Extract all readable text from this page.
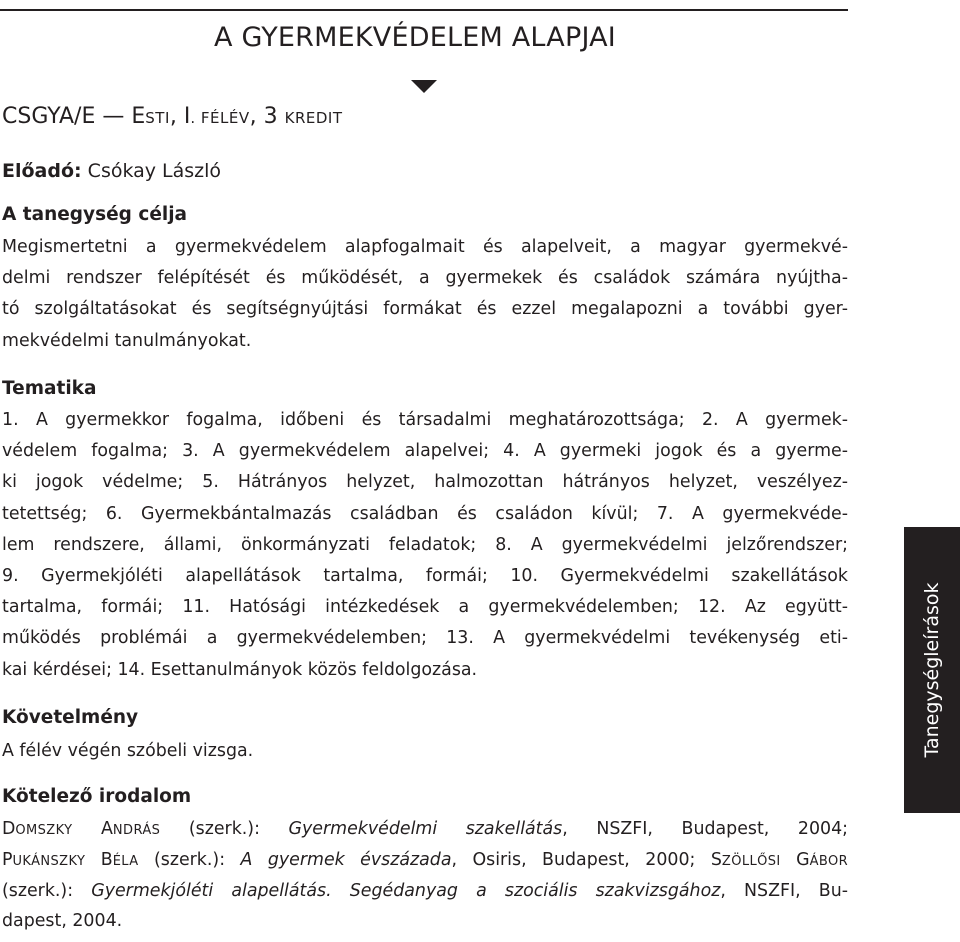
A GYERMEKVÉDELEM ALAPJAI
CSGYA/E — ESTI, I. FÉLÉV, 3 KREDIT
Előadó: Csókay László
A tanegység célja
Megismertetni a gyermekvédelem alapfogalmait és alapelveit, a magyar gyermekvé-
delmi rendszer felépítését és működését, a gyermekek és családok számára nyújtha-
tó szolgáltatásokat és segítségnyújtási formákat és ezzel megalapozni a további gyer-
mekvédelmi tanulmányokat.
Tematika
1. A gyermekkor fogalma, időbeni és társadalmi meghatározottsága; 2. A gyermek-
védelem fogalma; 3. A gyermekvédelem alapelvei; 4. A gyermeki jogok és a gyerme-
ki jogok védelme; 5. Hátrányos helyzet, halmozottan hátrányos helyzet, veszélyez-
tetettség; 6. Gyermekbántalmazás családban és családon kívül; 7. A gyermekvéde-
lem rendszere, állami, önkormányzati feladatok; 8. A gyermekvédelmi jelzőrendszer;
9. Gyermekjóléti alapellátások tartalma, formái; 10. Gyermekvédelmi szakellátások
tartalma, formái; 11. Hatósági intézkedések a gyermekvédelemben; 12. Az együtt-
működés problémái a gyermekvédelemben; 13. A gyermekvédelmi tevékenység eti-
kai kérdései; 14. Esettanulmányok közös feldolgozása.
Követelmény
A félév végén szóbeli vizsga.
Kötelező irodalom
DOMSZKY ANDRÁS (szerk.): Gyermekvédelmi szakellátás, NSZFI, Budapest, 2004;
PUKÁNSZKY BÉLA (szerk.): A gyermek évszázada, Osiris, Budapest, 2000; SZÖLLŐSI GÁBOR
(szerk.): Gyermekjóléti alapellátás. Segédanyag a szociális szakvizsgához, NSZFI, Bu-
dapest, 2004.
Tanegységleírások
